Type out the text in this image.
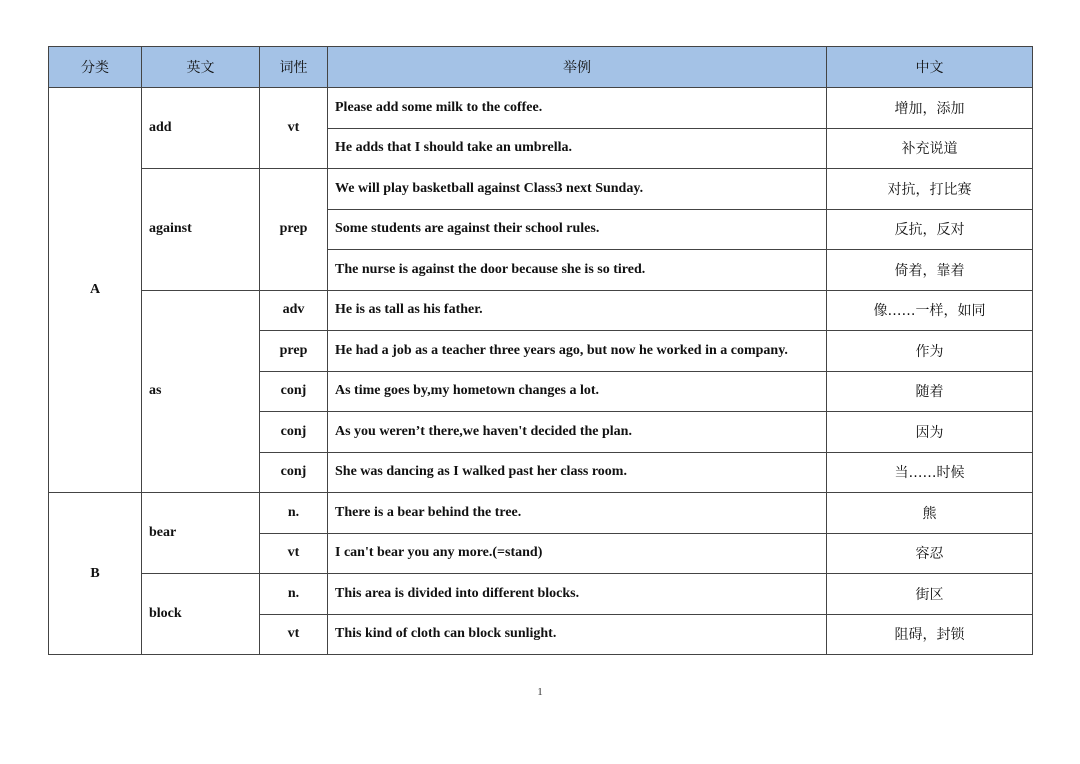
分类	英文	词性	举例	中文
A	add	vt	Please add some milk to the coffee.	增加，添加
			He adds that I should take an umbrella.	补充说道
	against	prep	We will play basketball against Class3 next Sunday.	对抗，打比赛
			Some students are against their school rules.	反抗，反对
			The nurse is against the door because she is so tired.	倚着，靠着
	as	adv	He is as tall as his father.	像……一样，如同
		prep	He had a job as a teacher three years ago, but now he worked in a company.	作为
		conj	As time goes by,my hometown changes a lot.	随着
		conj	As you weren’t there,we haven't decided the plan.	因为
		conj	She was dancing as I walked past her class room.	当……时候
B	bear	n.	There is a bear behind the tree.	熊
		vt	I can't bear you any more.(=stand)	容忍
	block	n.	This area is divided into different blocks.	街区
		vt	This kind of cloth can block sunlight.	阻碍，封锁
1
